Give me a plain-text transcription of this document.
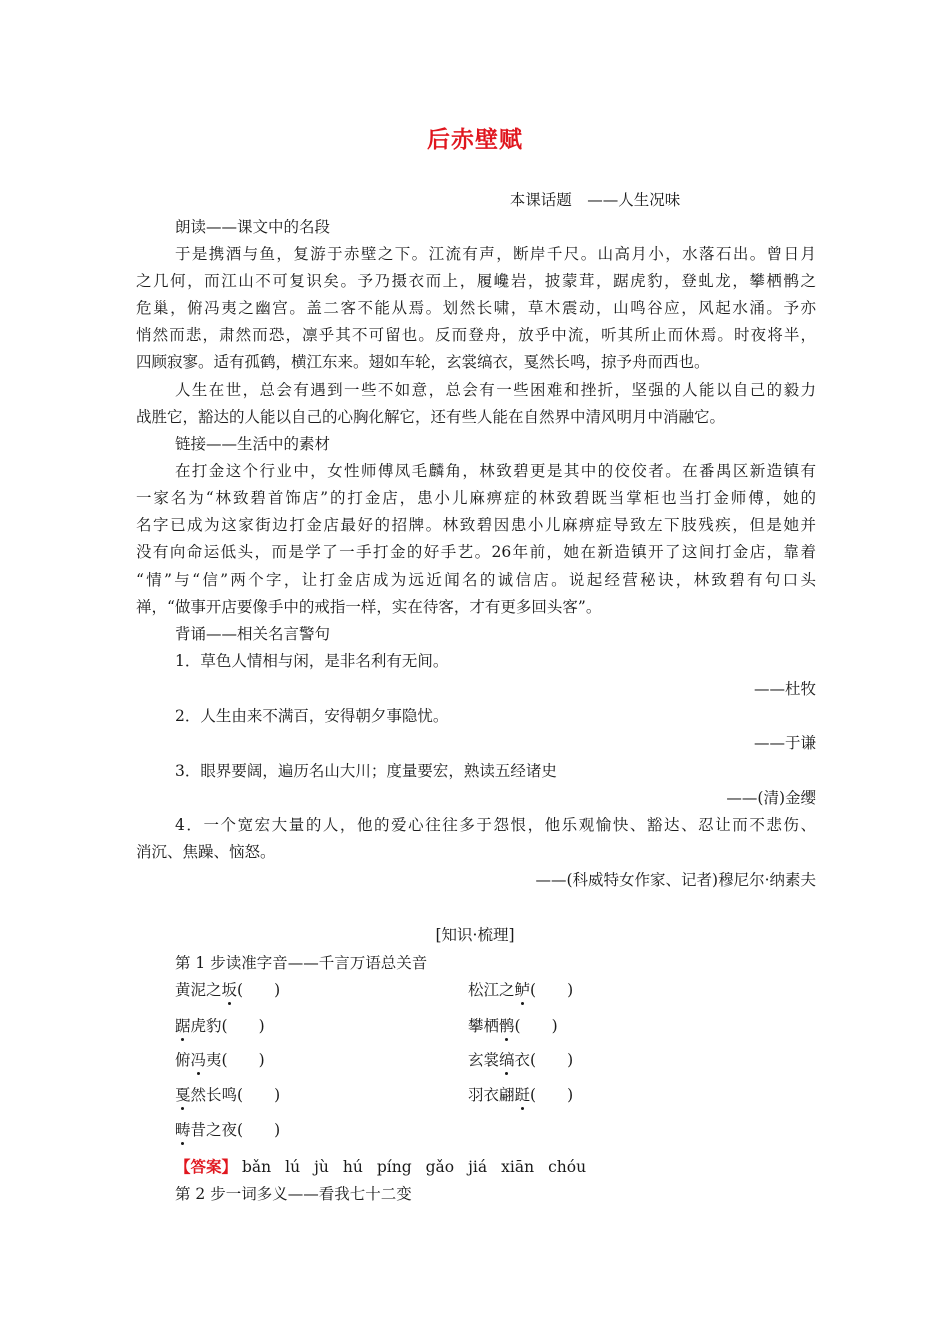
后赤壁赋
本课话题　——人生况味
朗读——课文中的名段
于是携酒与鱼，复游于赤壁之下。江流有声，断岸千尺。山高月小，水落石出。曾日月
之几何，而江山不可复识矣。予乃摄衣而上，履巉岩，披蒙茸，踞虎豹，登虬龙，攀栖鹘之
危巢，俯冯夷之幽宫。盖二客不能从焉。划然长啸，草木震动，山鸣谷应，风起水涌。予亦
悄然而悲，肃然而恐，凛乎其不可留也。反而登舟，放乎中流，听其所止而休焉。时夜将半，
四顾寂寥。适有孤鹤，横江东来。翅如车轮，玄裳缟衣，戛然长鸣，掠予舟而西也。
人生在世，总会有遇到一些不如意，总会有一些困难和挫折，坚强的人能以自己的毅力
战胜它，豁达的人能以自己的心胸化解它，还有些人能在自然界中清风明月中消融它。
链接——生活中的素材
在打金这个行业中，女性师傅凤毛麟角，林致碧更是其中的佼佼者。在番禺区新造镇有
一家名为“林致碧首饰店”的打金店，患小儿麻痹症的林致碧既当掌柜也当打金师傅，她的
名字已成为这家街边打金店最好的招牌。林致碧因患小儿麻痹症导致左下肢残疾，但是她并
没有向命运低头，而是学了一手打金的好手艺。26年前，她在新造镇开了这间打金店，靠着
“情”与“信”两个字，让打金店成为远近闻名的诚信店。说起经营秘诀，林致碧有句口头
禅，“做事开店要像手中的戒指一样，实在待客，才有更多回头客”。
背诵——相关名言警句
1．草色人情相与闲，是非名利有无间。
——杜牧
2．人生由来不满百，安得朝夕事隐忧。
——于谦
3．眼界要阔，遍历名山大川；度量要宏，熟读五经诸史
——(清)金缨
4．一个宽宏大量的人，他的爱心往往多于怨恨，他乐观愉快、豁达、忍让而不悲伤、
消沉、焦躁、恼怒。
——(科威特女作家、记者)穆尼尔·纳素夫
[知识·梳理]
第 1 步读准字音——千言万语总关音
黄泥之坂(　　)	松江之鲈(　　)
踞虎豹(　　)	攀栖鹘(　　)
俯冯夷(　　)	玄裳缟衣(　　)
戛然长鸣(　　)	羽衣翩跹(　　)
畴昔之夜(　　)
【答案】 bǎn lú jù hú píng gǎo jiá xiān chóu
第 2 步一词多义——看我七十二变
